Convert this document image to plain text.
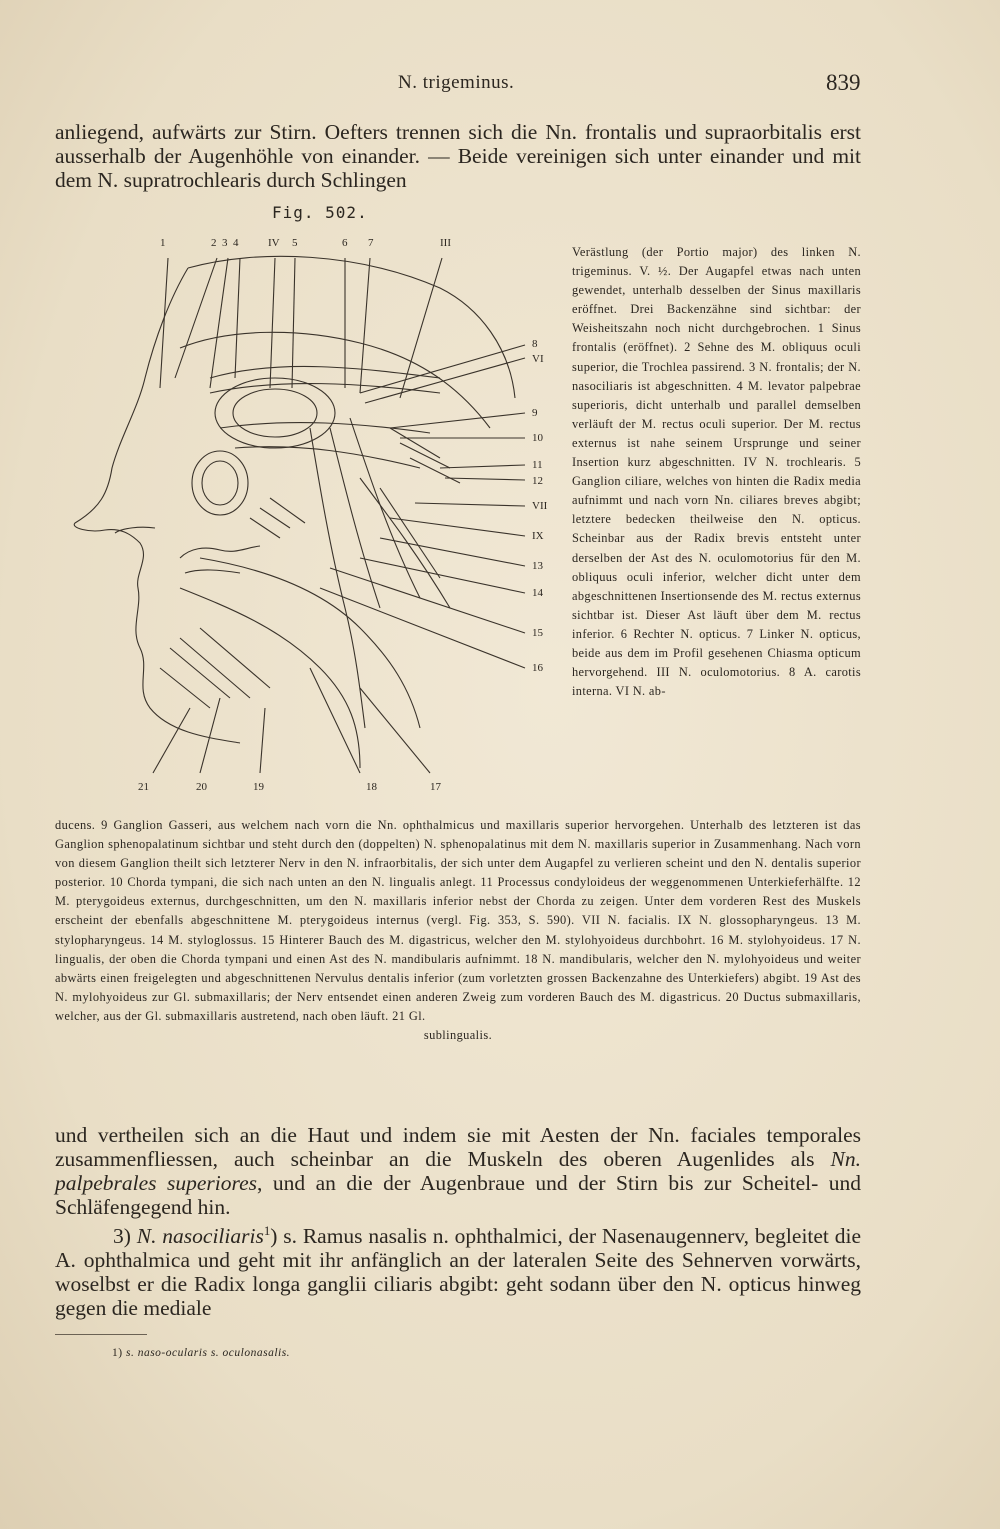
N. trigeminus.	839
anliegend, aufwärts zur Stirn. Oefters trennen sich die Nn. frontalis und supraorbitalis erst ausserhalb der Augenhöhle von einander. — Beide vereinigen sich unter einander und mit dem N. supratrochlearis durch Schlingen
Fig. 502.
1	2 3 4	IV 5	6 7	III
8
VI
9
10
11
12
VII
IX
13
14
15
16
21	20	19	18	17
Verästlung (der Portio major) des linken N. trigeminus. V. ½. Der Augapfel etwas nach unten gewendet, unterhalb desselben der Sinus maxillaris eröffnet. Drei Backenzähne sind sichtbar: der Weisheitszahn noch nicht durchgebrochen. 1 Sinus frontalis (eröffnet). 2 Sehne des M. obliquus oculi superior, die Trochlea passirend. 3 N. frontalis; der N. nasociliaris ist abgeschnitten. 4 M. levator palpebrae superioris, dicht unterhalb und parallel demselben verläuft der M. rectus oculi superior. Der M. rectus externus ist nahe seinem Ursprunge und seiner Insertion kurz abgeschnitten. IV N. trochlearis. 5 Ganglion ciliare, welches von hinten die Radix media aufnimmt und nach vorn Nn. ciliares breves abgibt; letztere bedecken theilweise den N. opticus. Scheinbar aus der Radix brevis entsteht unter derselben der Ast des N. oculomotorius für den M. obliquus oculi inferior, welcher dicht unter dem abgeschnittenen Insertionsende des M. rectus externus sichtbar ist. Dieser Ast läuft über dem M. rectus inferior. 6 Rechter N. opticus. 7 Linker N. opticus, beide aus dem im Profil gesehenen Chiasma opticum hervorgehend. III N. oculomotorius. 8 A. carotis interna. VI N. ab-
ducens. 9 Ganglion Gasseri, aus welchem nach vorn die Nn. ophthalmicus und maxillaris superior hervorgehen. Unterhalb des letzteren ist das Ganglion sphenopalatinum sichtbar und steht durch den (doppelten) N. sphenopalatinus mit dem N. maxillaris superior in Zusammenhang. Nach vorn von diesem Ganglion theilt sich letzterer Nerv in den N. infraorbitalis, der sich unter dem Augapfel zu verlieren scheint und den N. dentalis superior posterior. 10 Chorda tympani, die sich nach unten an den N. lingualis anlegt. 11 Processus condyloideus der weggenommenen Unterkieferhälfte. 12 M. pterygoideus externus, durchgeschnitten, um den N. maxillaris inferior nebst der Chorda zu zeigen. Unter dem vorderen Rest des Muskels erscheint der ebenfalls abgeschnittene M. pterygoideus internus (vergl. Fig. 353, S. 590). VII N. facialis. IX N. glossopharyngeus. 13 M. stylopharyngeus. 14 M. styloglossus. 15 Hinterer Bauch des M. digastricus, welcher den M. stylohyoideus durchbohrt. 16 M. stylohyoideus. 17 N. lingualis, der oben die Chorda tympani und einen Ast des N. mandibularis aufnimmt. 18 N. mandibularis, welcher den N. mylohyoideus und weiter abwärts einen freigelegten und abgeschnittenen Nervulus dentalis inferior (zum vorletzten grossen Backenzahne des Unterkiefers) abgibt. 19 Ast des N. mylohyoideus zur Gl. submaxillaris; der Nerv entsendet einen anderen Zweig zum vorderen Bauch des M. digastricus. 20 Ductus submaxillaris, welcher, aus der Gl. submaxillaris austretend, nach oben läuft. 21 Gl.
sublingualis.
und vertheilen sich an die Haut und indem sie mit Aesten der Nn. faciales temporales zusammenfliessen, auch scheinbar an die Muskeln des oberen Augenlides als Nn. palpebrales superiores, und an die der Augenbraue und der Stirn bis zur Scheitel- und Schläfengegend hin.
3) N. nasociliaris$^1$) s. Ramus nasalis n. ophthalmici, der Nasenaugennerv, begleitet die A. ophthalmica und geht mit ihr anfänglich an der lateralen Seite des Sehnerven vorwärts, woselbst er die Radix longa ganglii ciliaris abgibt: geht sodann über den N. opticus hinweg gegen die mediale
1) s. naso-ocularis s. oculonasalis.
